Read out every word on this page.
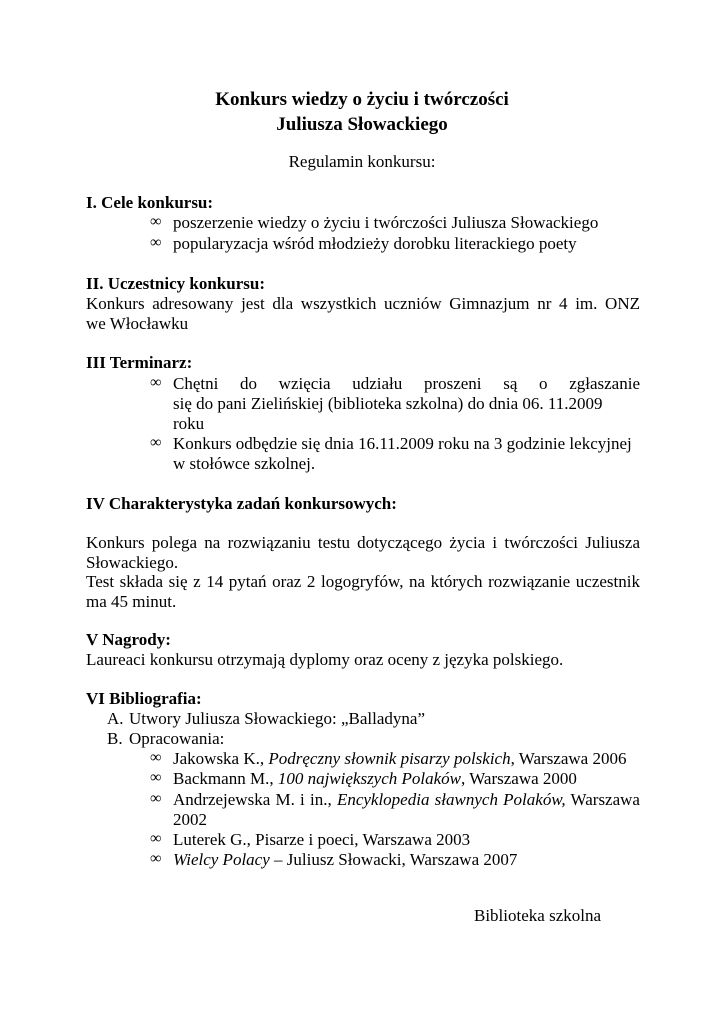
Konkurs wiedzy o życiu i twórczości
Juliusza Słowackiego
Regulamin konkursu:
I. Cele konkursu:
∞ poszerzenie wiedzy o życiu i twórczości Juliusza Słowackiego
∞ popularyzacja wśród młodzieży dorobku literackiego poety
II. Uczestnicy konkursu:
Konkurs adresowany jest dla wszystkich uczniów Gimnazjum nr 4 im. ONZ
we Włocławku
III Terminarz:
∞ Chętni do wzięcia udziału proszeni są o zgłaszanie
się do pani Zielińskiej (biblioteka szkolna) do dnia 06. 11.2009
roku
∞ Konkurs odbędzie się dnia 16.11.2009 roku na 3 godzinie lekcyjnej
w stołówce szkolnej.
IV Charakterystyka zadań konkursowych:
Konkurs polega na rozwiązaniu testu dotyczącego życia i twórczości Juliusza
Słowackiego.
Test składa się z 14 pytań oraz 2 logogryfów, na których rozwiązanie uczestnik
ma 45 minut.
V Nagrody:
Laureaci konkursu otrzymają dyplomy oraz oceny z języka polskiego.
VI Bibliografia:
A. Utwory Juliusza Słowackiego: „Balladyna”
B. Opracowania:
∞ Jakowska K., Podręczny słownik pisarzy polskich, Warszawa 2006
∞ Backmann M., 100 największych Polaków, Warszawa 2000
∞ Andrzejewska M. i in., Encyklopedia sławnych Polaków, Warszawa
2002
∞ Luterek G., Pisarze i poeci, Warszawa 2003
∞ Wielcy Polacy – Juliusz Słowacki, Warszawa 2007
Biblioteka szkolna
